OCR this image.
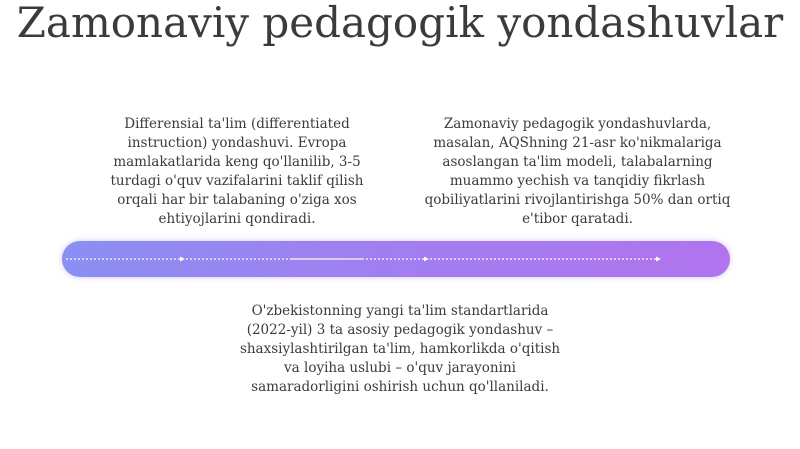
Zamonaviy pedagogik yondashuvlar

Differensial ta'lim (differentiated instruction) yondashuvi. Evropa mamlakatlarida keng qo'llanilib, 3-5 turdagi o'quv vazifalarini taklif qilish orqali har bir talabaning o'ziga xos ehtiyojlarini qondiradi.

Zamonaviy pedagogik yondashuvlarda, masalan, AQShning 21-asr ko'nikmalariga asoslangan ta'lim modeli, talabalarning muammo yechish va tanqidiy fikrlash qobiliyatlarini rivojlantirishga 50% dan ortiq e'tibor qaratadi.

O'zbekistonning yangi ta'lim standartlarida (2022-yil) 3 ta asosiy pedagogik yondashuv – shaxsiylashtirilgan ta'lim, hamkorlikda o'qitish va loyiha uslubi – o'quv jarayonini samaradorligini oshirish uchun qo'llaniladi.
